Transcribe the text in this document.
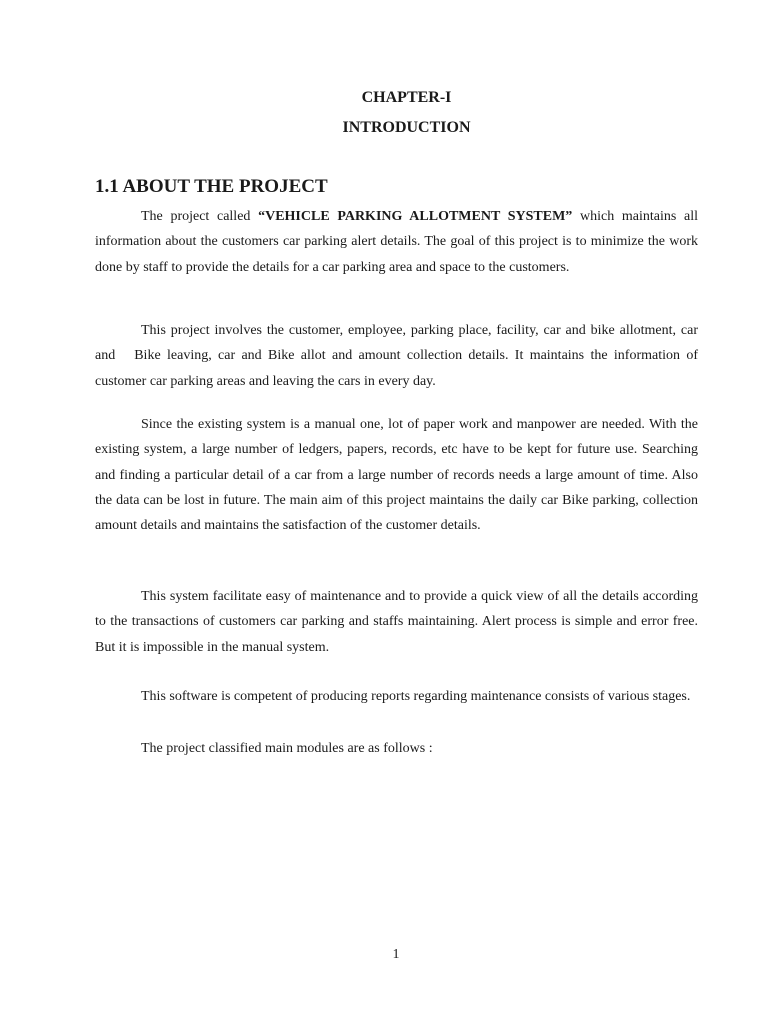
CHAPTER-I

INTRODUCTION

1.1 ABOUT THE PROJECT

The project called “VEHICLE PARKING ALLOTMENT SYSTEM” which maintains all information about the customers car parking alert details. The goal of this project is to minimize the work done by staff to provide the details for a car parking area and space to the customers.

This project involves the customer, employee, parking place, facility, car and bike allotment, car and   Bike leaving, car and Bike allot and amount collection details. It maintains the information of customer car parking areas and leaving the cars in every day.

Since the existing system is a manual one, lot of paper work and manpower are needed. With the existing system, a large number of ledgers, papers, records, etc have to be kept for future use. Searching and finding a particular detail of a car from a large number of records needs a large amount of time. Also the data can be lost in future. The main aim of this project maintains the daily car Bike parking, collection amount details and maintains the satisfaction of the customer details.

This system facilitate easy of maintenance and to provide a quick view of all the details according to the transactions of customers car parking and staffs maintaining. Alert process is simple and error free. But it is impossible in the manual system.

This software is competent of producing reports regarding maintenance consists of various stages.

The project classified main modules are as follows :

1
